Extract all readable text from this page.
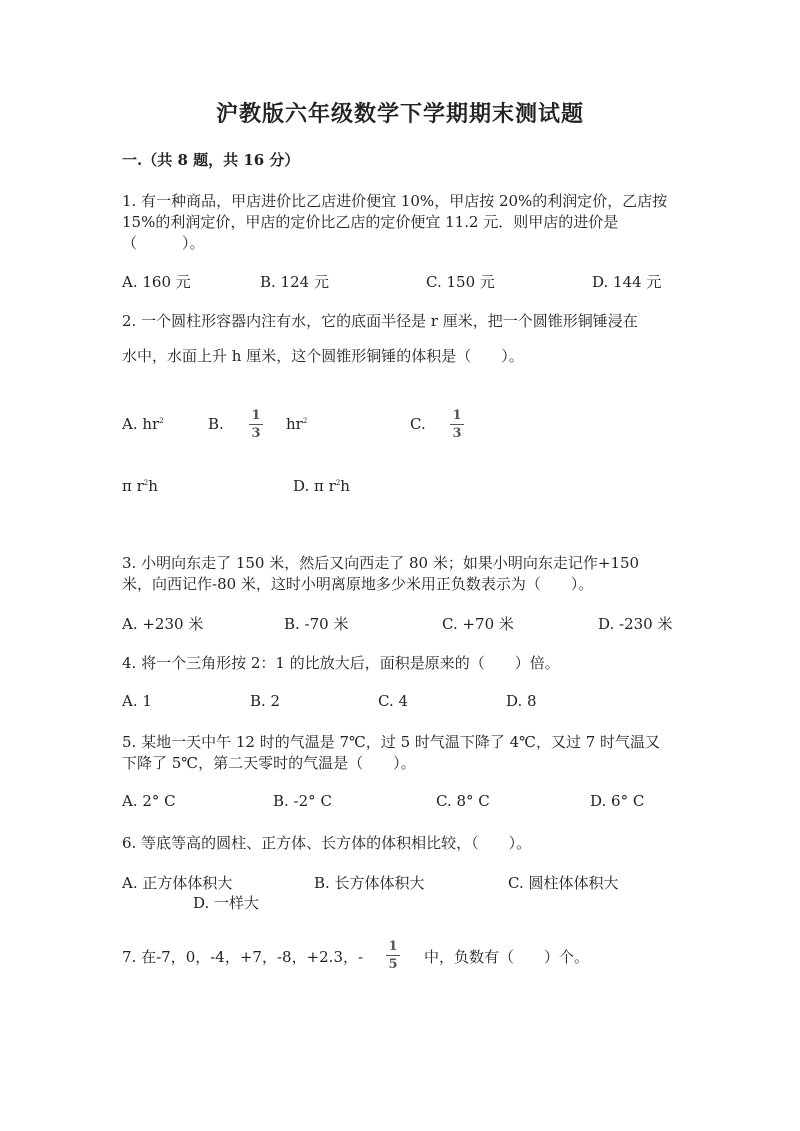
沪教版六年级数学下学期期末测试题
一.（共 8 题，共 16 分）
1. 有一种商品，甲店进价比乙店进价便宜 10%，甲店按 20%的利润定价，乙店按
15%的利润定价，甲店的定价比乙店的定价便宜 11.2 元．则甲店的进价是
（　　　）。
A. 160 元	B. 124 元	C. 150 元	D. 144 元
2. 一个圆柱形容器内注有水，它的底面半径是 r 厘米，把一个圆锥形铜锤浸在
水中，水面上升 h 厘米，这个圆锥形铜锤的体积是（　　）。
A. $hr^2$	B. 1
3
$hr^2$	C. 1
3
π $r^2h$	D. π $r^2h$
3. 小明向东走了 150 米，然后又向西走了 80 米；如果小明向东走记作+150
米，向西记作-80 米，这时小明离原地多少米用正负数表示为（　　）。
A. +230 米	B. -70 米	C. +70 米	D. -230 米
4. 将一个三角形按 2：1 的比放大后，面积是原来的（　　）倍。
A. 1	B. 2	C. 4	D. 8
5. 某地一天中午 12 时的气温是 7℃，过 5 时气温下降了 4℃，又过 7 时气温又
下降了 5℃，第二天零时的气温是（　　）。
A. 2° C	B. -2° C	C. 8° C	D. 6° C
6. 等底等高的圆柱、正方体、长方体的体积相比较，（　　）。
A. 正方体体积大	B. 长方体体积大	C. 圆柱体体积大
D. 一样大
7. 在-7，0，-4，+7，-8，+2.3，-
1
5 中，负数有（　　）个。
